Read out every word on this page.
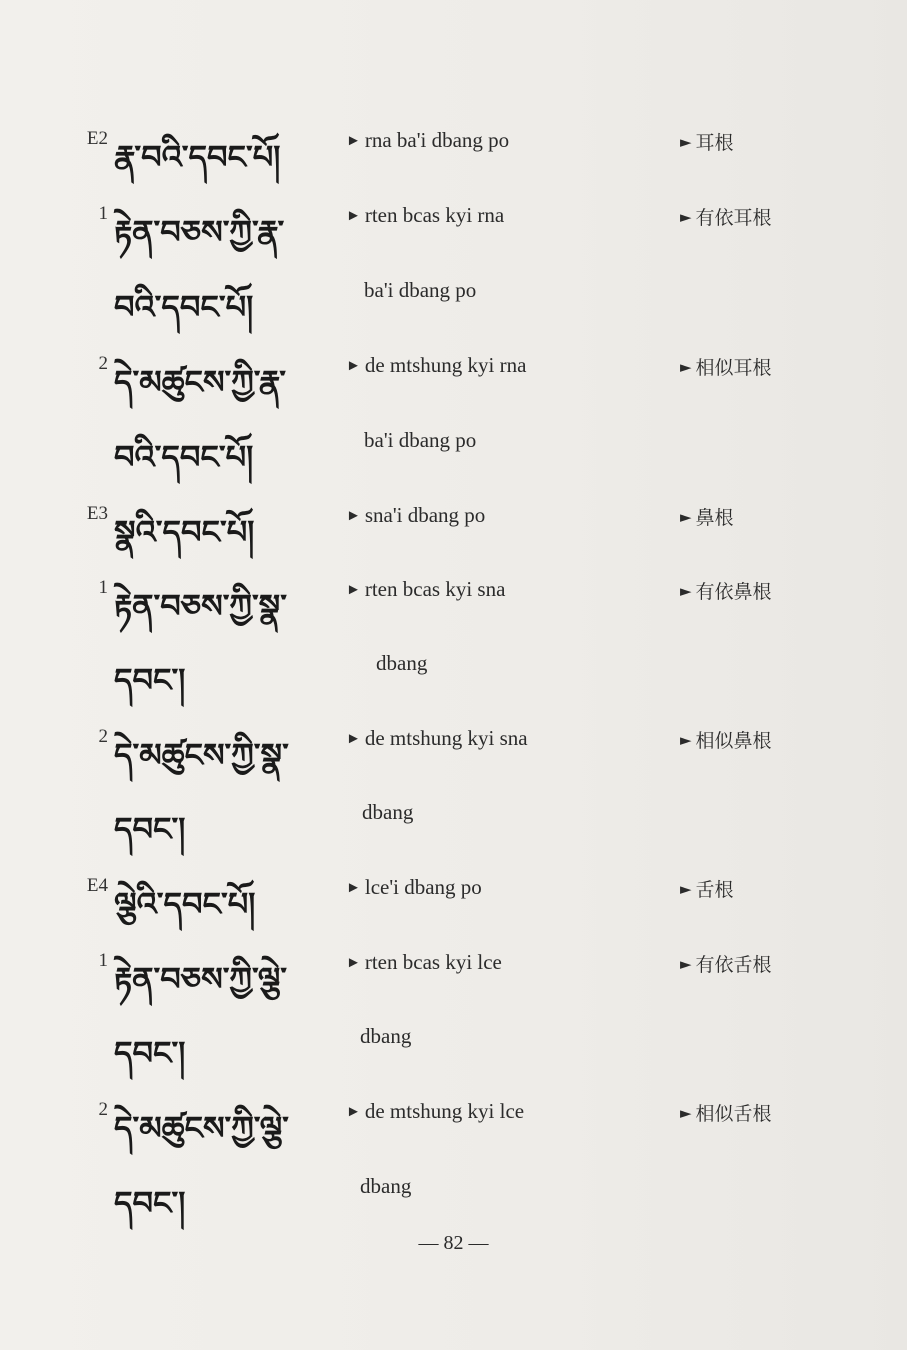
E2 རྣ་བའི་དབང་པོ།	► rna ba'i dbang po	► 耳根
1 རྟེན་བཅས་ཀྱི་རྣ་	► rten bcas kyi rna	► 有依耳根
བའི་དབང་པོ།	ba'i dbang po
2 དེ་མཚུངས་ཀྱི་རྣ་	► de mtshung kyi rna	► 相似耳根
བའི་དབང་པོ།	ba'i dbang po
E3 སྣའི་དབང་པོ།	► sna'i dbang po	► 鼻根
1 རྟེན་བཅས་ཀྱི་སྣ་	► rten bcas kyi sna	► 有依鼻根
དབང་།	dbang
2 དེ་མཚུངས་ཀྱི་སྣ་	► de mtshung kyi sna	► 相似鼻根
དབང་།	dbang
E4 ལྕེའི་དབང་པོ།	► lce'i dbang po	► 舌根
1 རྟེན་བཅས་ཀྱི་ལྕེ་	► rten bcas kyi lce	► 有依舌根
དབང་།	dbang
2 དེ་མཚུངས་ཀྱི་ལྕེ་	► de mtshung kyi lce	► 相似舌根
དབང་།	dbang
— 82 —
